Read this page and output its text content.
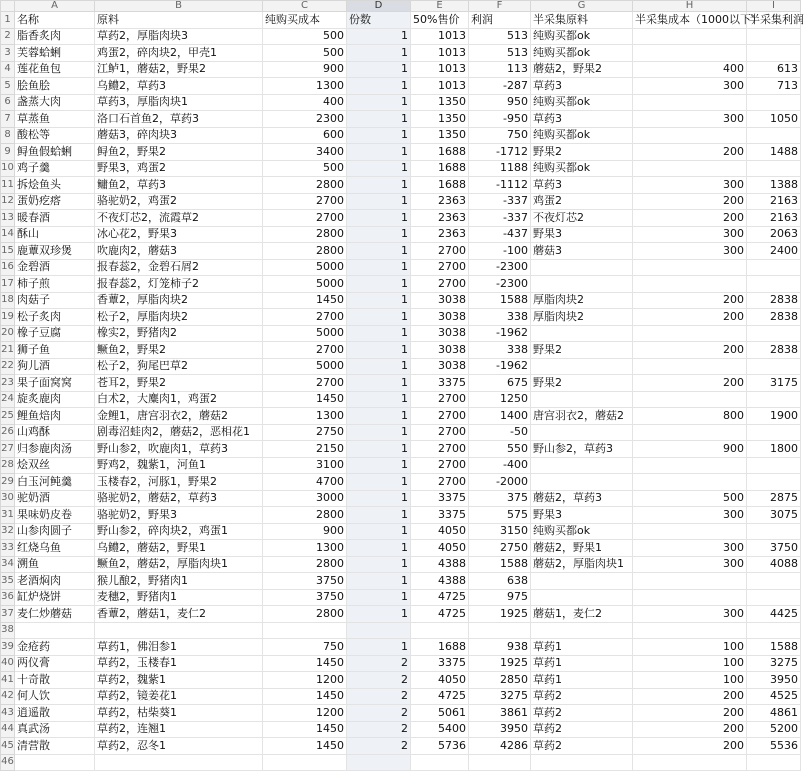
	A	B	C	D	E	F	G	H	I
1	名称	原料	纯购买成本	份数	50%售价	利润	半采集原料	半采集成本（1000以下）	半采集利润
2	脂香炙肉	草药2，厚脂肉块3	500	1	1013	513	纯购买都ok		
3	芙蓉蛤蜊	鸡蛋2，碎肉块2，甲壳1	500	1	1013	513	纯购买都ok		
4	莲花鱼包	江鲈1，蘑菇2，野果2	900	1	1013	113	蘑菇2，野果2	400	613
5	脍鱼脍	乌鳢2，草药3	1300	1	1013	-287	草药3	300	713
6	盏蒸大肉	草药3，厚脂肉块1	400	1	1350	950	纯购买都ok		
7	草蒸鱼	洛口石首鱼2，草药3	2300	1	1350	-950	草药3	300	1050
8	酸松等	蘑菇3，碎肉块3	600	1	1350	750	纯购买都ok		
9	鲟鱼假蛤蜊	鲟鱼2，野果2	3400	1	1688	-1712	野果2	200	1488
10	鸡子羹	野果3，鸡蛋2	500	1	1688	1188	纯购买都ok		
11	拆烩鱼头	鳙鱼2，草药3	2800	1	1688	-1112	草药3	300	1388
12	蛋奶疙瘩	骆驼奶2，鸡蛋2	2700	1	2363	-337	鸡蛋2	200	2163
13	暖春酒	不夜灯芯2，流霞草2	2700	1	2363	-337	不夜灯芯2	200	2163
14	酥山	冰心花2，野果3	2800	1	2363	-437	野果3	300	2063
15	鹿蕈双珍煲	吹鹿肉2，蘑菇3	2800	1	2700	-100	蘑菇3	300	2400
16	金碧酒	报春蕊2，金碧石屑2	5000	1	2700	-2300			
17	柿子煎	报春蕊2，灯笼柿子2	5000	1	2700	-2300			
18	肉菇子	香蕈2，厚脂肉块2	1450	1	3038	1588	厚脂肉块2	200	2838
19	松子炙肉	松子2，厚脂肉块2	2700	1	3038	338	厚脂肉块2	200	2838
20	橡子豆腐	橡实2，野猪肉2	5000	1	3038	-1962			
21	狮子鱼	鳜鱼2，野果2	2700	1	3038	338	野果2	200	2838
22	狗儿酒	松子2，狗尾巴草2	5000	1	3038	-1962			
23	果子面窝窝	苍耳2，野果2	2700	1	3375	675	野果2	200	3175
24	旋炙鹿肉	白术2，大麋肉1，鸡蛋2	1450	1	2700	1250			
25	鲤鱼焙肉	金鲤1，唐宫羽衣2，蘑菇2	1300	1	2700	1400	唐宫羽衣2，蘑菇2	800	1900
26	山鸡酥	剧毒沼蛙肉2，蘑菇2，恶相花1	2750	1	2700	-50			
27	归参鹿肉汤	野山参2，吹鹿肉1，草药3	2150	1	2700	550	野山参2，草药3	900	1800
28	烩双丝	野鸡2，魏紫1，河鱼1	3100	1	2700	-400			
29	白玉河鲀羹	玉楼春2，河豚1，野果2	4700	1	2700	-2000			
30	驼奶酒	骆驼奶2，蘑菇2，草药3	3000	1	3375	375	蘑菇2，草药3	500	2875
31	果味奶皮卷	骆驼奶2，野果3	2800	1	3375	575	野果3	300	3075
32	山参肉圆子	野山参2，碎肉块2，鸡蛋1	900	1	4050	3150	纯购买都ok		
33	红烧乌鱼	乌鳢2，蘑菇2，野果1	1300	1	4050	2750	蘑菇2，野果1	300	3750
34	溯鱼	鳜鱼2，蘑菇2，厚脂肉块1	2800	1	4388	1588	蘑菇2，厚脂肉块1	300	4088
35	老酒焖肉	猴儿酿2，野猪肉1	3750	1	4388	638			
36	缸炉烧饼	麦穗2，野猪肉1	3750	1	4725	975			
37	麦仁炒蘑菇	香蕈2，蘑菇1，麦仁2	2800	1	4725	1925	蘑菇1，麦仁2	300	4425
38									
39	金疮药	草药1，佛泪参1	750	1	1688	938	草药1	100	1588
40	两仪膏	草药2，玉楼春1	1450	2	3375	1925	草药1	100	3275
41	十奇散	草药2，魏紫1	1200	2	4050	2850	草药1	100	3950
42	何人饮	草药2，镜姜花1	1450	2	4725	3275	草药2	200	4525
43	逍遥散	草药2，枯柴葵1	1200	2	5061	3861	草药2	200	4861
44	真武汤	草药2，连翘1	1450	2	5400	3950	草药2	200	5200
45	清营散	草药2，忍冬1	1450	2	5736	4286	草药2	200	5536
46									
